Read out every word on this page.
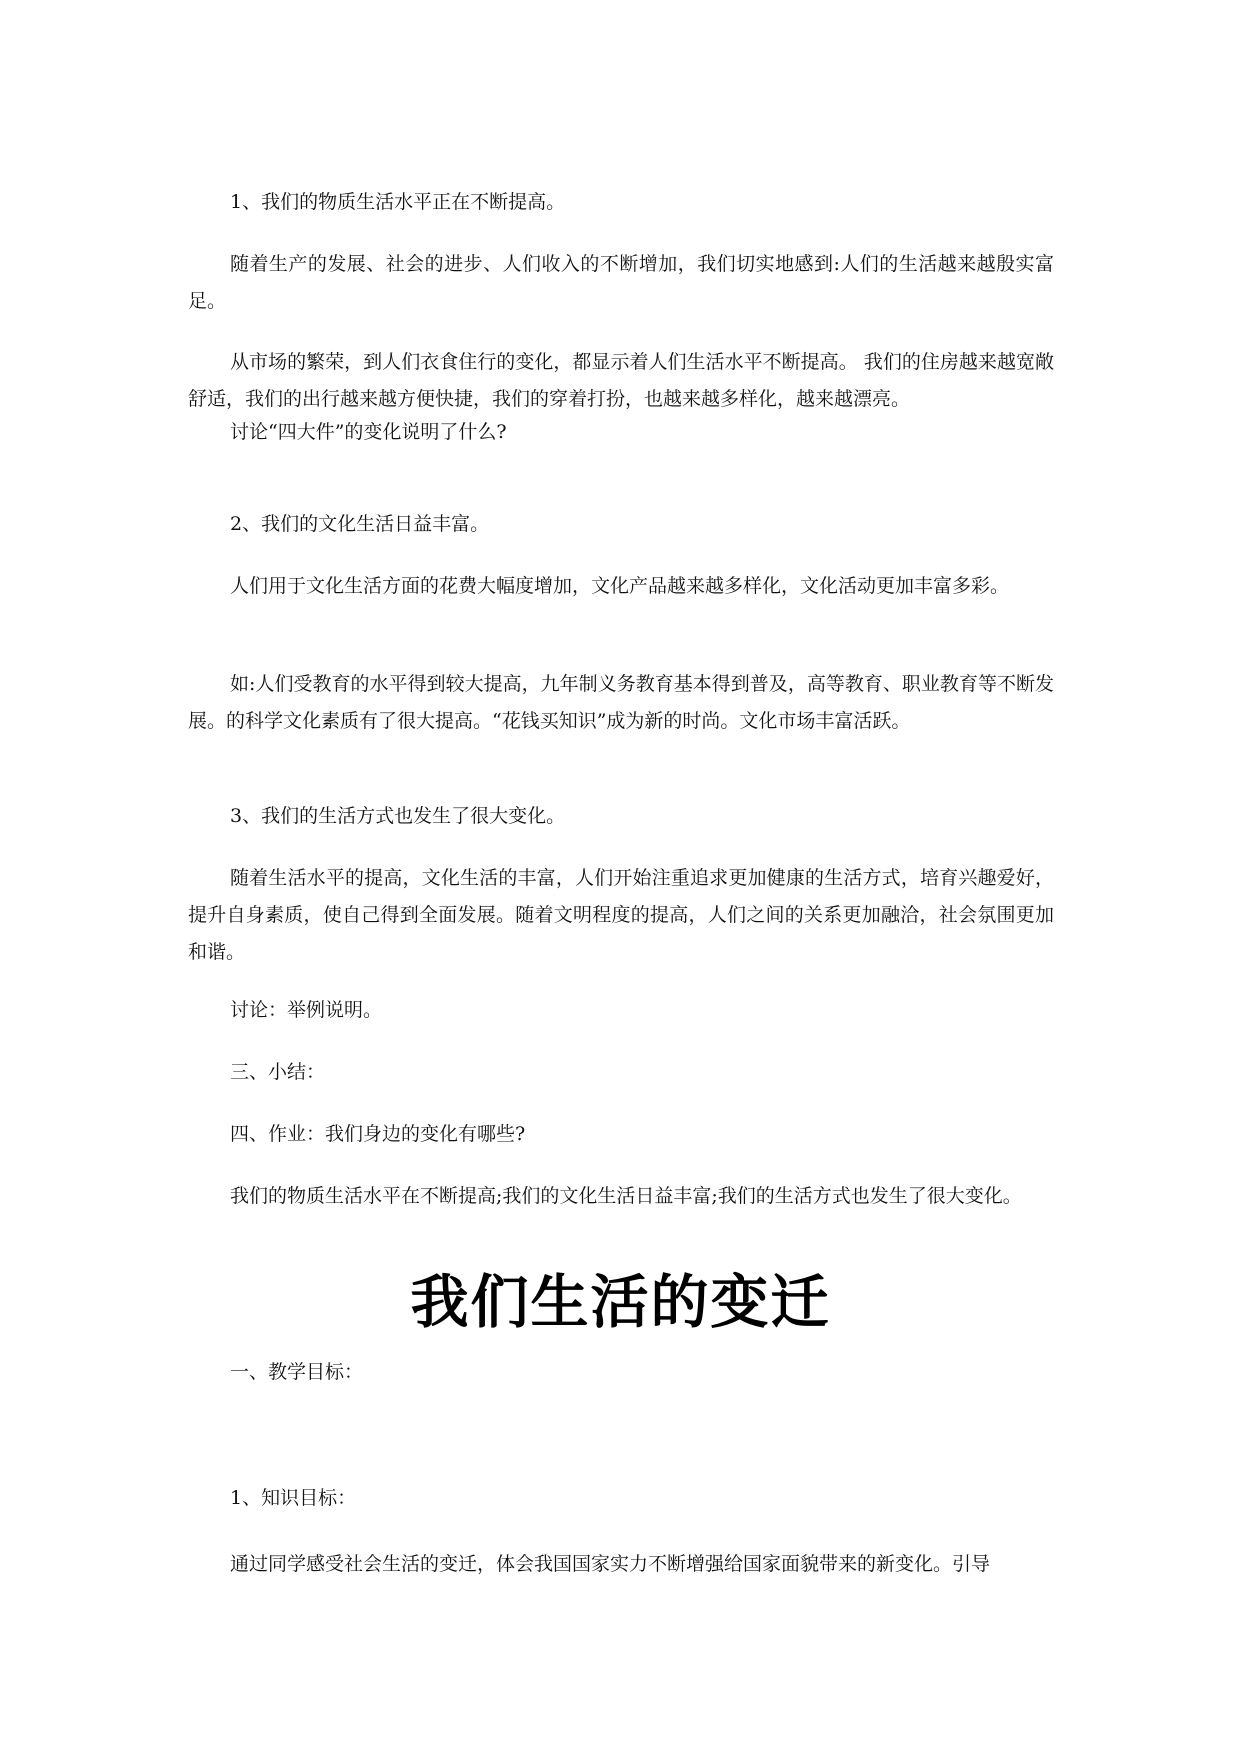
1、我们的物质生活水平正在不断提高。

随着生产的发展、社会的进步、人们收入的不断增加，我们切实地感到:人们的生活越来越殷实富足。

从市场的繁荣，到人们衣食住行的变化，都显示着人们生活水平不断提高。 我们的住房越来越宽敞舒适，我们的出行越来越方便快捷，我们的穿着打扮，也越来越多样化，越来越漂亮。

讨论“四大件”的变化说明了什么?

2、我们的文化生活日益丰富。

人们用于文化生活方面的花费大幅度增加，文化产品越来越多样化，文化活动更加丰富多彩。

如:人们受教育的水平得到较大提高，九年制义务教育基本得到普及，高等教育、职业教育等不断发展。的科学文化素质有了很大提高。“花钱买知识”成为新的时尚。文化市场丰富活跃。

3、我们的生活方式也发生了很大变化。

随着生活水平的提高，文化生活的丰富，人们开始注重追求更加健康的生活方式，培育兴趣爱好，提升自身素质，使自己得到全面发展。随着文明程度的提高，人们之间的关系更加融洽，社会氛围更加和谐。

讨论：举例说明。

三、小结：

四、作业：我们身边的变化有哪些?

我们的物质生活水平在不断提高;我们的文化生活日益丰富;我们的生活方式也发生了很大变化。

我们生活的变迁

一、教学目标：

1、知识目标：

通过同学感受社会生活的变迁，体会我国国家实力不断增强给国家面貌带来的新变化。引导
